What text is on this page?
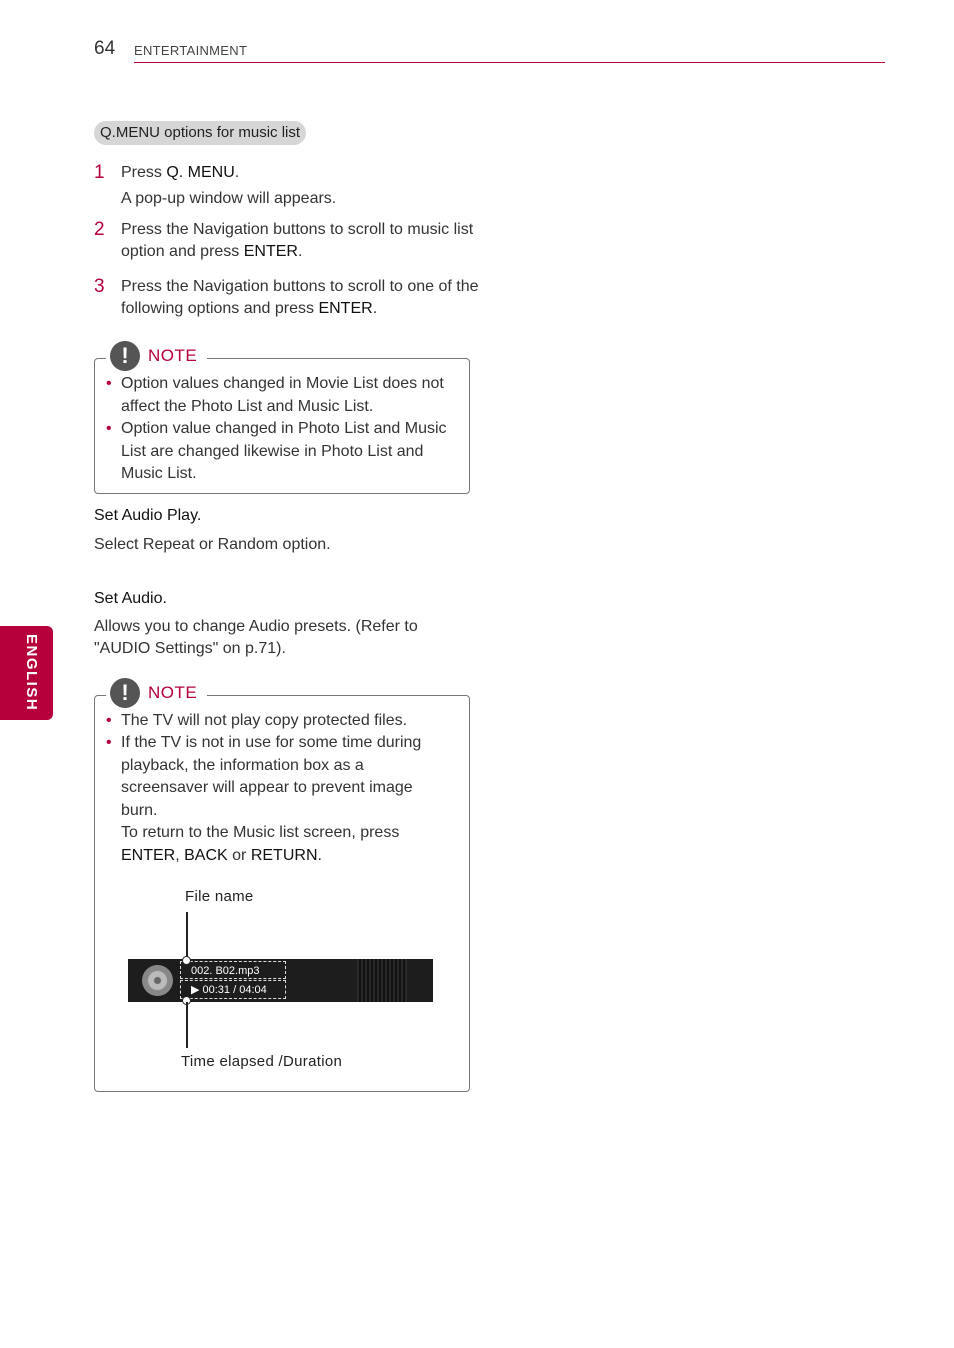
64 ENTERTAINMENT
Q.MENU options for music list
1 Press Q. MENU.
A pop-up window will appears.
2 Press the Navigation buttons to scroll to music list option and press ENTER.
3 Press the Navigation buttons to scroll to one of the following options and press ENTER.
!	NOTE
• Option values changed in Movie List does not affect the Photo List and Music List.
• Option value changed in Photo List and Music List are changed likewise in Photo List and Music List.
Set Audio Play.
Select Repeat or Random option.
Set Audio.
Allows you to change Audio presets. (Refer to "AUDIO Settings" on p.71).
ENGLISH	!	NOTE
• The TV will not play copy protected files.
• If the TV is not in use for some time during playback, the information box as a screensaver will appear to prevent image burn.
To return to the Music list screen, press ENTER, BACK or RETURN.
File name
002. B02.mp3
▶ 00:31 / 04:04
Time elapsed /Duration
